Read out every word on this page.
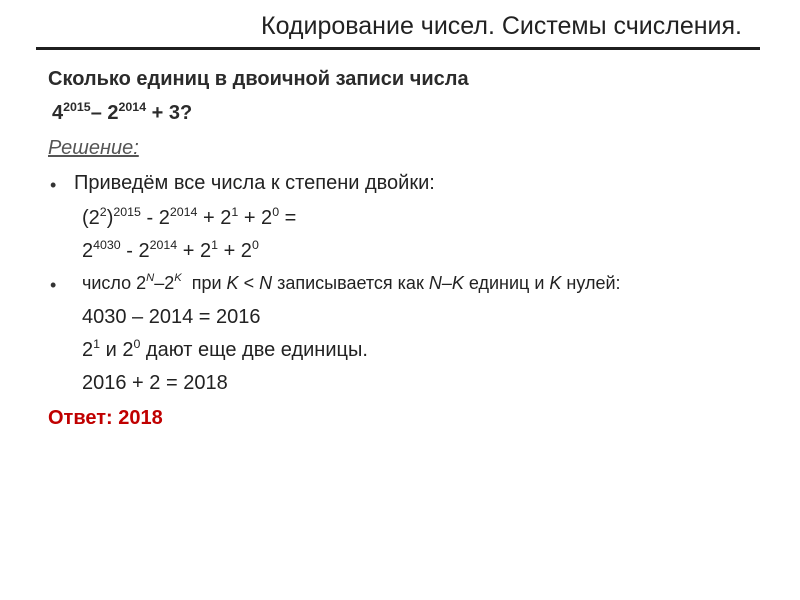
Кодирование чисел. Системы счисления.
Сколько единиц в двоичной записи числа
$4^{2015}-$ $2^{2014} + 3$?
Решение:
• Приведём все числа к степени двойки:
$(2^2)^{2015} - 2^{2014} + 2^1 + 2^0$ =
$2^{4030} - 2^{2014} + 2^1 + 2^0$
• число $2^N-2^K$  при K < N записывается как N–K единиц и K нулей:
4030 – 2014 = 2016
$2^1$ и $2^0$ дают еще две единицы.
2016 + 2 = 2018
Ответ: 2018
